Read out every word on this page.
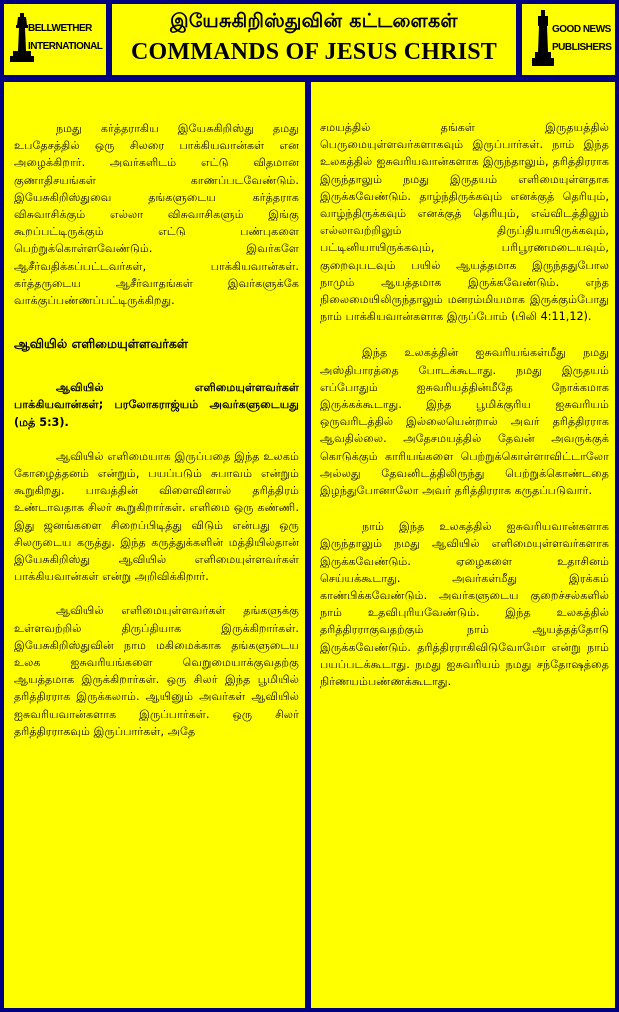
BELLWETHER
INTERNATIONAL
இயேசுகிறிஸ்துவின் கட்டளைகள்
COMMANDS OF JESUS CHRIST
GOOD NEWS
PUBLISHERS

நமது கர்த்தராகிய இயேசுகிறிஸ்து தமது உபதேசத்தில் ஒரு சிலரை பாக்கியவான்கள் என அழைக்கிறார். அவர்களிடம் எட்டு விதமான குணாதிசயங்கள் காணப்படவேண்டும். இயேசுகிறிஸ்துவை தங்களுடைய கர்த்தராக விசுவாசிக்கும் எல்லா விசுவாசிகளும் இங்கு கூறப்பட்டிருக்கும் எட்டு பண்புகளை பெற்றுக்கொள்ளவேண்டும். இவர்களே ஆசீர்வதிக்கப்பட்டவர்கள், பாக்கியவான்கள். கர்த்தருடைய ஆசீர்வாதங்கள் இவர்களுக்கே வாக்குப்பண்ணப்பட்டிருக்கிறது.

ஆவியில் எளிமையுள்ளவர்கள்

ஆவியில் எளிமையுள்ளவர்கள் பாக்கியவான்கள்; பரலோகராஜ்யம் அவர்களுடையது (மத் 5:3).

ஆவியில் எளிமையாக இருப்பதை இந்த உலகம் கோழைத்தனம் என்றும், பயப்படும் சுபாவம் என்றும் கூறுகிறது. பாவத்தின் விளைவினால் தரித்திரம் உண்டாவதாக சிலர் கூறுகிறார்கள். எளிமை ஒரு கண்ணி. இது ஜனங்களை சிறைப்பிடித்து விடும் என்பது ஒரு சிலருடைய கருத்து. இந்த கருத்துக்களின் மத்தியில்தான் இயேசுகிறிஸ்து ஆவியில் எளிமையுள்ளவர்கள் பாக்கியவான்கள் என்று அறிவிக்கிறார்.

ஆவியில் எளிமையுள்ளவர்கள் தங்களுக்கு உள்ளவற்றில் திருப்தியாக இருக்கிறார்கள். இயேசுகிறிஸ்துவின் நாம மகிமைக்காக தங்களுடைய உலக ஐசுவரியங்களை வெறுமையாக்குவதற்கு ஆயத்தமாக இருக்கிறார்கள். ஒரு சிலர் இந்த பூமியில் தரித்திரராக இருக்கலாம். ஆயினும் அவர்கள் ஆவியில் ஐசுவரியவான்களாக இருப்பார்கள். ஒரு சிலர் தரித்திரராகவும் இருப்பார்கள், அதே

சமயத்தில் தங்கள் இருதயத்தில் பெருமையுள்ளவர்களாகவும் இருப்பார்கள். நாம் இந்த உலகத்தில் ஐசுவரியவான்களாக இருந்தாலும், தரித்திரராக இருந்தாலும் நமது இருதயம் எளிமையுள்ளதாக இருக்கவேண்டும். தாழ்ந்திருக்கவும் எனக்குத் தெரியும், வாழ்ந்திருக்கவும் எனக்குத் தெரியும், எவ்விடத்திலும் எல்லாவற்றிலும் திருப்தியாயிருக்கவும், பட்டினியாயிருக்கவும், பரிபூரணமடையவும், குறைவுபடவும் பயில் ஆயத்தமாக இருந்ததுபோல நாமும் ஆயத்தமாக இருக்கவேண்டும். எந்த நிலைமையிலிருந்தாலும் மனரம்மியமாக இருக்கும்போது நாம் பாக்கியவான்களாக இருப்போம் (பிலி 4:11,12).

இந்த உலகத்தின் ஐசுவரியங்கள்மீது நமது அஸ்திபாரத்தை போடக்கூடாது. நமது இருதயம் எப்போதும் ஐசுவரியத்தின்மீதே நோக்கமாக இருக்கக்கூடாது. இந்த பூமிக்குரிய ஐசுவரியம் ஒருவரிடத்தில் இல்லையென்றால் அவர் தரித்திரராக ஆவதில்லை. அதேசமயத்தில் தேவன் அவருக்குக் கொடுக்கும் காரியங்களை பெற்றுக்கொள்ளாவிட்டாலோ அல்லது தேவனிடத்திலிருந்து பெற்றுக்கொண்டதை இழந்துபோனாலோ அவர் தரித்திரராக கருதப்படுவார்.

நாம் இந்த உலகத்தில் ஐசுவரியவான்களாக இருந்தாலும் நமது ஆவியில் எளிமையுள்ளவர்களாக இருக்கவேண்டும். ஏழைகளை உதாசினம் செய்யக்கூடாது. அவர்கள்மீது இரக்கம் காண்பிக்கவேண்டும். அவர்களுடைய குறைச்சல்களில் நாம் உதவிபுரியவேண்டும். இந்த உலகத்தில் தரித்திரராகுவதற்கும் நாம் ஆயத்தத்தோடு இருக்கவேண்டும். தரித்திரராகிவிடுவோமோ என்று நாம் பயப்படக்கூடாது. நமது ஐசுவரியம் நமது சந்தோஷத்தை நிர்ணயம்பண்ணக்கூடாது.
